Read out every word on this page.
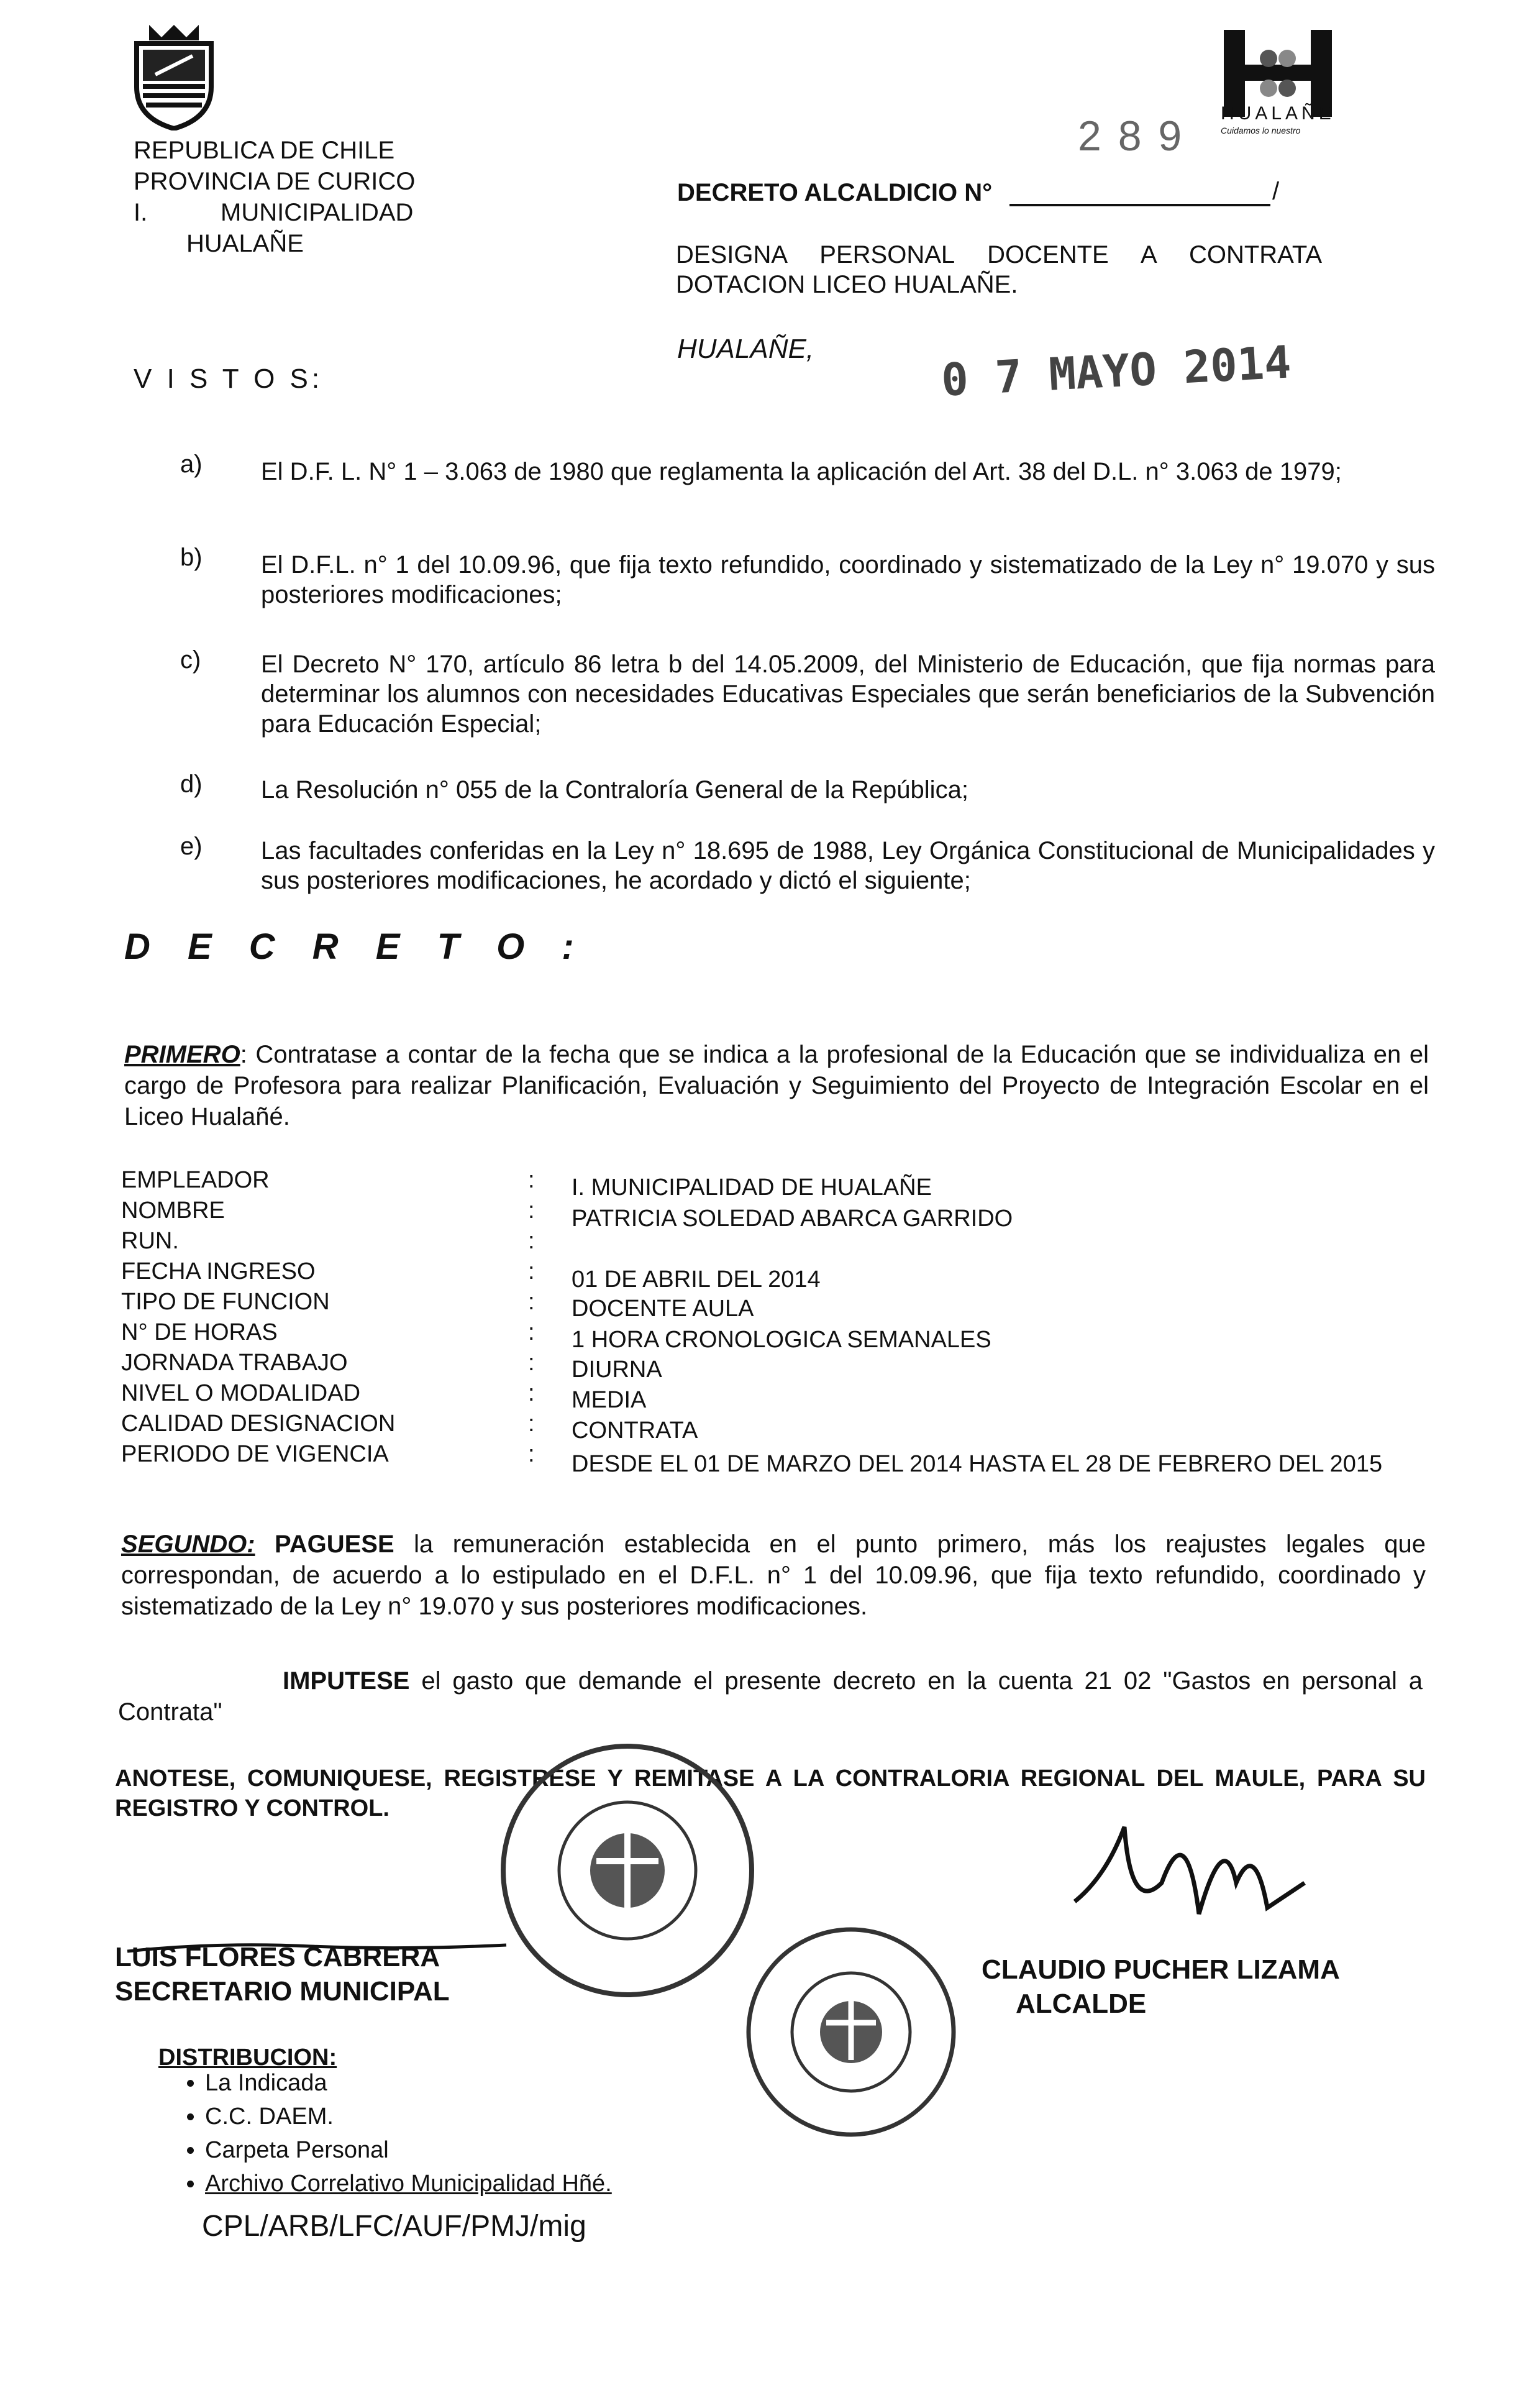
REPUBLICA DE CHILE
PROVINCIA DE CURICO
I.	MUNICIPALIDAD
HUALAÑE
HUALAÑE
Cuidamos lo nuestro
2 8 9
DECRETO ALCALDICIO N°	/
DESIGNA PERSONAL DOCENTE A CONTRATA DOTACION LICEO HUALAÑE.
HUALAÑE,	0 7 MAYO 2014
V I S T O S:
a) El D.F. L. N° 1 – 3.063 de 1980 que reglamenta la aplicación del Art. 38 del D.L. n° 3.063 de 1979;
b) El D.F.L. n° 1 del 10.09.96, que fija texto refundido, coordinado y sistematizado de la Ley n° 19.070 y sus posteriores modificaciones;
c) El Decreto N° 170, artículo 86 letra b del 14.05.2009, del Ministerio de Educación, que fija normas para determinar los alumnos con necesidades Educativas Especiales que serán beneficiarios de la Subvención para Educación Especial;
d) La Resolución n° 055 de la Contraloría General de la República;
e) Las facultades conferidas en la Ley n° 18.695 de 1988, Ley Orgánica Constitucional de Municipalidades y sus posteriores modificaciones, he acordado y dictó el siguiente;
D E C R E T O :
PRIMERO: Contratase a contar de la fecha que se indica a la profesional de la Educación que se individualiza en el cargo de Profesora para realizar Planificación, Evaluación y Seguimiento del Proyecto de Integración Escolar en el Liceo Hualañé.
EMPLEADOR	: I. MUNICIPALIDAD DE HUALAÑE
NOMBRE	: PATRICIA SOLEDAD ABARCA GARRIDO
RUN.	:
FECHA INGRESO	: 01 DE ABRIL DEL 2014
TIPO DE FUNCION	: DOCENTE AULA
N° DE HORAS	: 1 HORA CRONOLOGICA SEMANALES
JORNADA TRABAJO	: DIURNA
NIVEL O MODALIDAD	: MEDIA
CALIDAD DESIGNACION	: CONTRATA
PERIODO DE VIGENCIA	: DESDE EL 01 DE MARZO DEL 2014 HASTA EL 28 DE FEBRERO DEL 2015
SEGUNDO: PAGUESE la remuneración establecida en el punto primero, más los reajustes legales que correspondan, de acuerdo a lo estipulado en el D.F.L. n° 1 del 10.09.96, que fija texto refundido, coordinado y sistematizado de la Ley n° 19.070 y sus posteriores modificaciones.
IMPUTESE el gasto que demande el presente decreto en la cuenta 21 02 "Gastos en personal a Contrata"
ANOTESE, COMUNIQUESE, REGISTRESE Y REMITASE A LA CONTRALORIA REGIONAL DEL MAULE, PARA SU REGISTRO Y CONTROL.
LUIS FLORES CABRERA
SECRETARIO MUNICIPAL
CLAUDIO PUCHER LIZAMA
ALCALDE
DISTRIBUCION:
• La Indicada
• C.C. DAEM.
• Carpeta Personal
• Archivo Correlativo Municipalidad Hñé.
CPL/ARB/LFC/AUF/PMJ/mig
